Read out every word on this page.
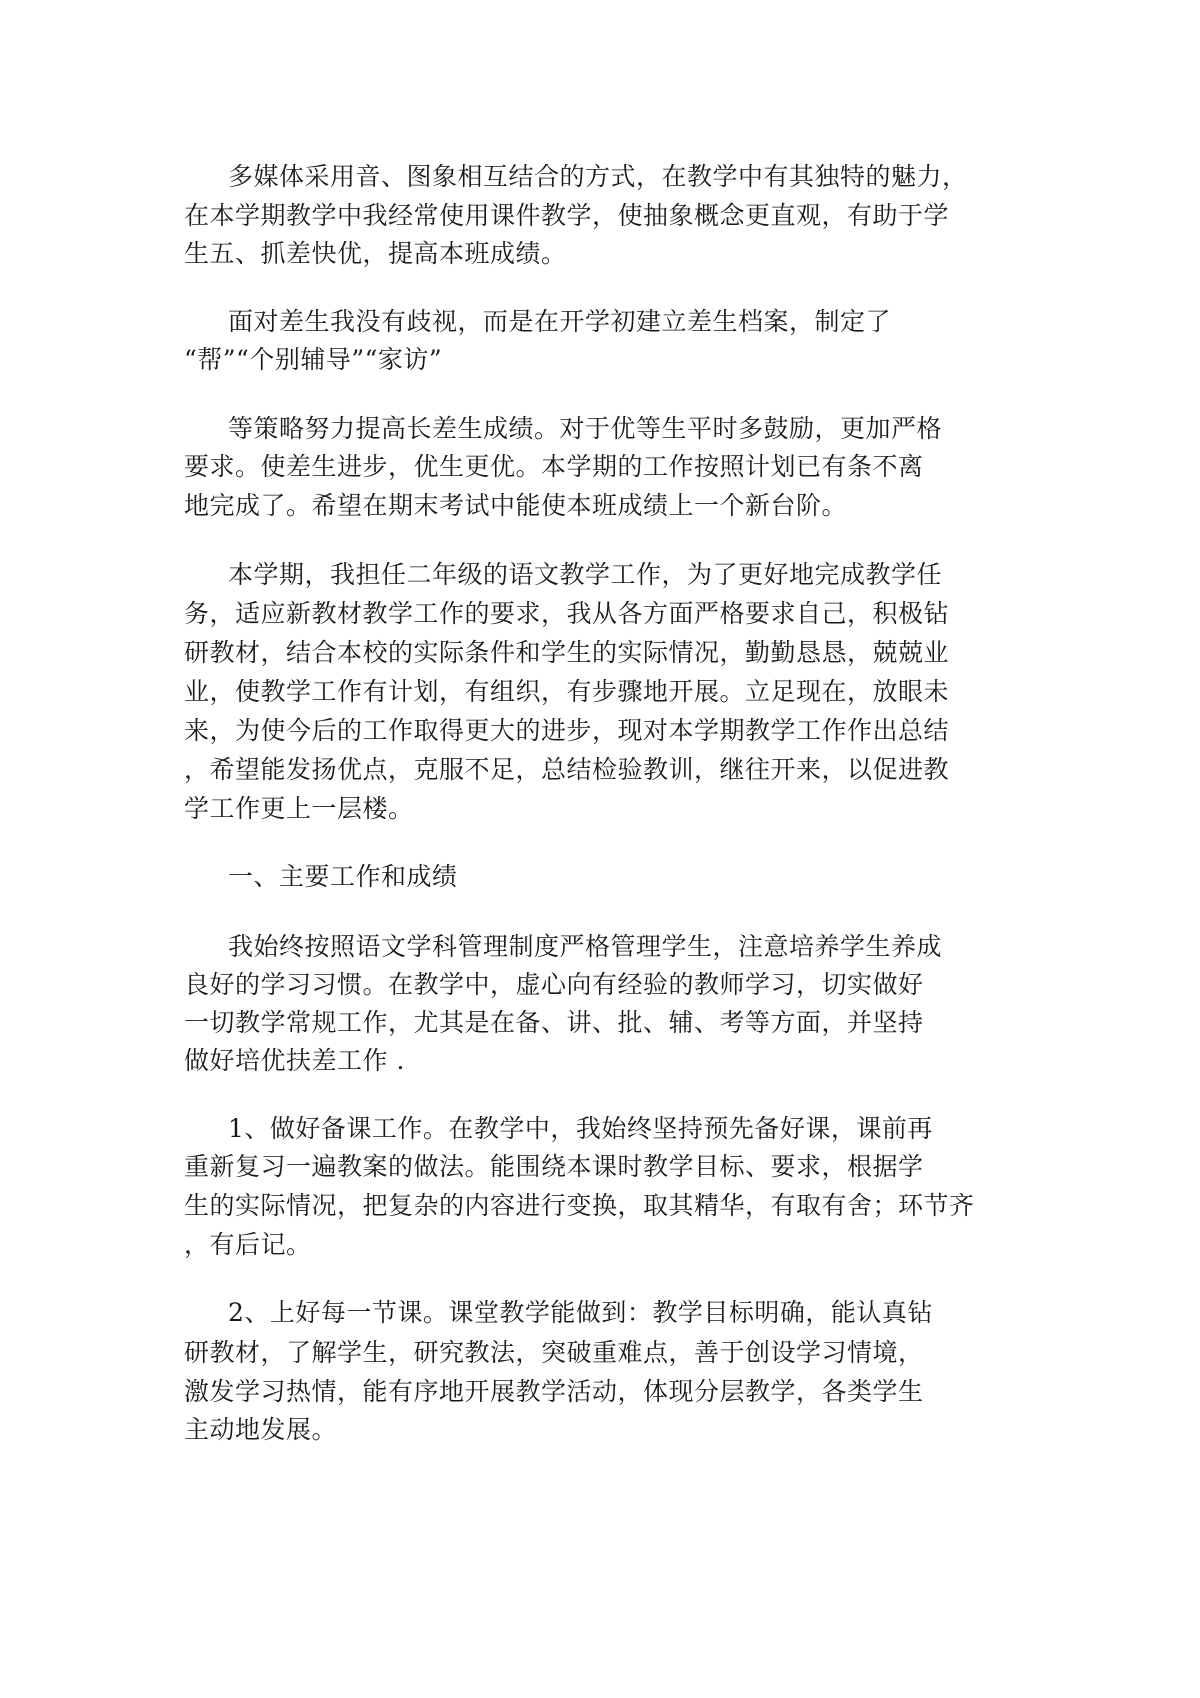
多媒体采用音、图象相互结合的方式，在教学中有其独特的魅力，
在本学期教学中我经常使用课件教学，使抽象概念更直观，有助于学
生五、抓差快优，提高本班成绩。
面对差生我没有歧视，而是在开学初建立差生档案，制定了
“帮”“个别辅导”“家访”
等策略努力提高长差生成绩。对于优等生平时多鼓励，更加严格
要求。使差生进步，优生更优。本学期的工作按照计划已有条不离
地完成了。希望在期末考试中能使本班成绩上一个新台阶。
本学期，我担任二年级的语文教学工作，为了更好地完成教学任
务，适应新教材教学工作的要求，我从各方面严格要求自己，积极钻
研教材，结合本校的实际条件和学生的实际情况，勤勤恳恳，兢兢业
业，使教学工作有计划，有组织，有步骤地开展。立足现在，放眼未
来，为使今后的工作取得更大的进步，现对本学期教学工作作出总结
，希望能发扬优点，克服不足，总结检验教训，继往开来，以促进教
学工作更上一层楼。
一、主要工作和成绩
我始终按照语文学科管理制度严格管理学生，注意培养学生养成
良好的学习习惯。在教学中，虚心向有经验的教师学习，切实做好
一切教学常规工作，尤其是在备、讲、批、辅、考等方面，并坚持
做好培优扶差工作 .
1、做好备课工作。在教学中，我始终坚持预先备好课，课前再
重新复习一遍教案的做法。能围绕本课时教学目标、要求，根据学
生的实际情况，把复杂的内容进行变换，取其精华，有取有舍；环节齐
，有后记。
2、上好每一节课。课堂教学能做到：教学目标明确，能认真钻
研教材，了解学生，研究教法，突破重难点，善于创设学习情境，
激发学习热情，能有序地开展教学活动，体现分层教学，各类学生
主动地发展。
